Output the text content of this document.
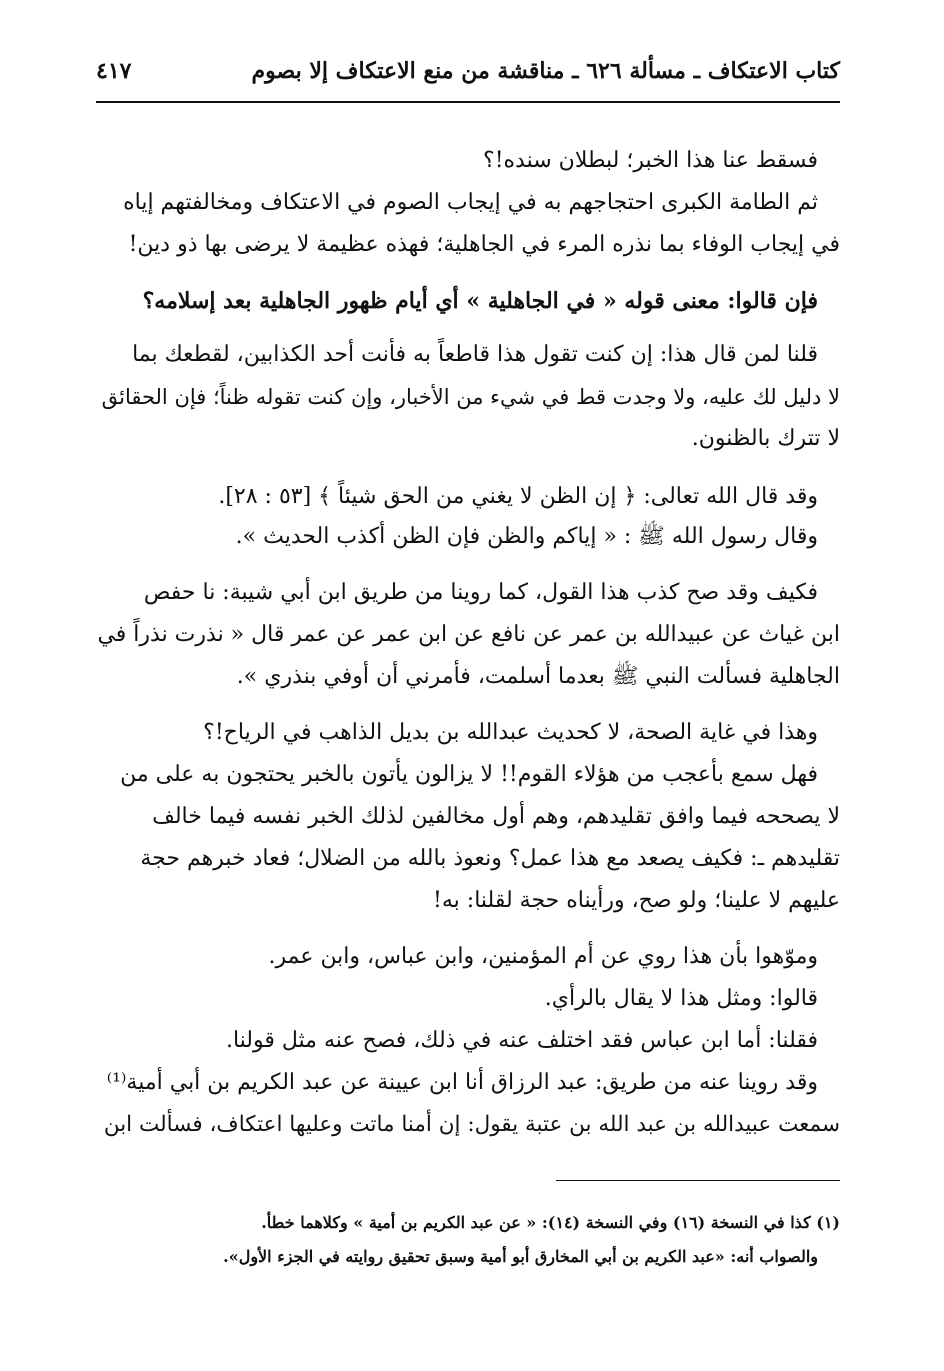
كتاب الاعتكاف ـ مسألة ٦٢٦ ـ مناقشة من منع الاعتكاف إلا بصوم
٤١٧
فسقط عنا هذا الخبر؛ لبطلان سنده!؟
ثم الطامة الكبرى احتجاجهم به في إيجاب الصوم في الاعتكاف ومخالفتهم إياه
في إيجاب الوفاء بما نذره المرء في الجاهلية؛ فهذه عظيمة لا يرضى بها ذو دين!
فإن قالوا: معنى قوله « في الجاهلية » أي أيام ظهور الجاهلية بعد إسلامه؟
قلنا لمن قال هذا: إن كنت تقول هذا قاطعاً به فأنت أحد الكذابين، لقطعك بما
لا دليل لك عليه، ولا وجدت قط في شيء من الأخبار، وإن كنت تقوله ظناً؛ فإن الحقائق
لا تترك بالظنون.
وقد قال الله تعالى: ﴿ إن الظن لا يغني من الحق شيئاً ﴾ [٥٣ : ٢٨].
وقال رسول الله ﷺ : « إياكم والظن فإن الظن أكذب الحديث ».
فكيف وقد صح كذب هذا القول، كما روينا من طريق ابن أبي شيبة: نا حفص
ابن غياث عن عبيدالله بن عمر عن نافع عن ابن عمر عن عمر قال « نذرت نذراً في
الجاهلية فسألت النبي ﷺ بعدما أسلمت، فأمرني أن أوفي بنذري ».
وهذا في غاية الصحة، لا كحديث عبدالله بن بديل الذاهب في الرياح!؟
فهل سمع بأعجب من هؤلاء القوم!! لا يزالون يأتون بالخبر يحتجون به على من
لا يصححه فيما وافق تقليدهم، وهم أول مخالفين لذلك الخبر نفسه فيما خالف
تقليدهم ـ: فكيف يصعد مع هذا عمل؟ ونعوذ بالله من الضلال؛ فعاد خبرهم حجة
عليهم لا علينا؛ ولو صح، ورأيناه حجة لقلنا: به!
وموّهوا بأن هذا روي عن أم المؤمنين، وابن عباس، وابن عمر.
قالوا: ومثل هذا لا يقال بالرأي.
فقلنا: أما ابن عباس فقد اختلف عنه في ذلك، فصح عنه مثل قولنا.
وقد روينا عنه من طريق: عبد الرزاق أنا ابن عيينة عن عبد الكريم بن أبي أمية⁽¹⁾
سمعت عبيدالله بن عبد الله بن عتبة يقول: إن أمنا ماتت وعليها اعتكاف، فسألت ابن
(١) كذا في النسخة (١٦) وفي النسخة (١٤): « عن عبد الكريم بن أمية » وكلاهما خطأ.
والصواب أنه: «عبد الكريم بن أبي المخارق أبو أمية وسبق تحقيق روايته في الجزء الأول».
